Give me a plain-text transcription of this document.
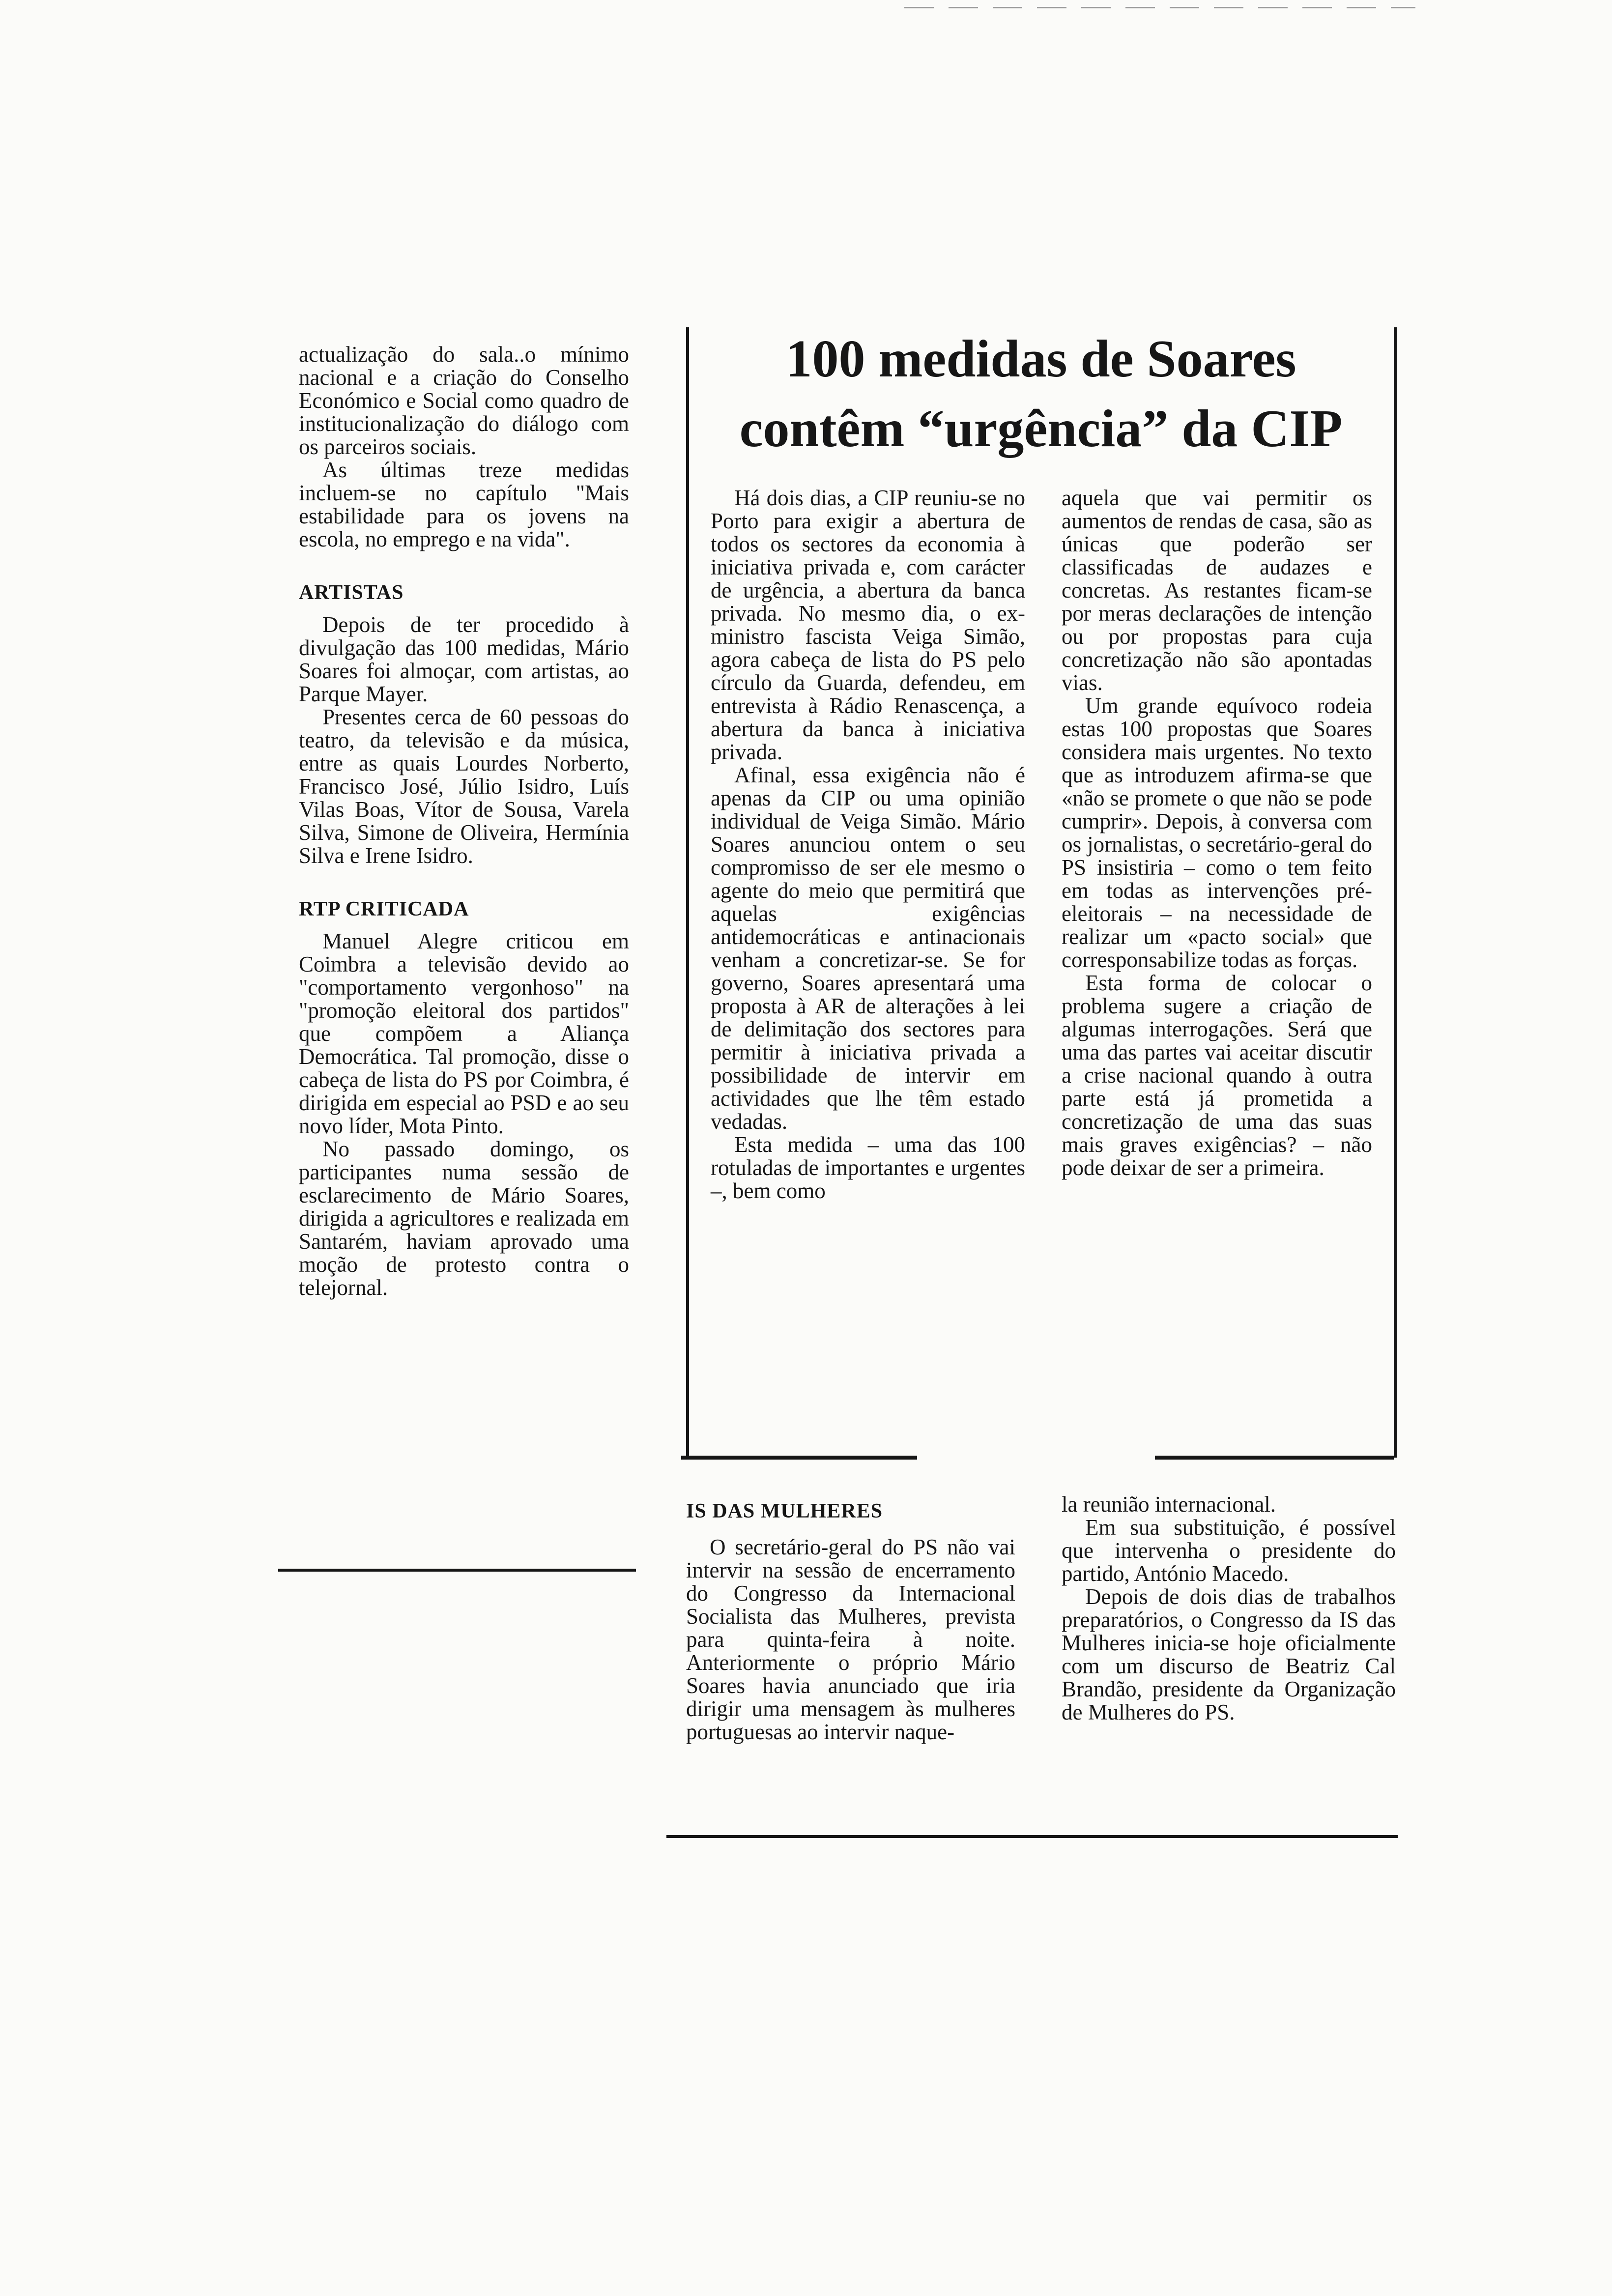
actualização do sala..o mínimo nacional e a criação do Conselho Económico e Social como quadro de institucionalização do diálogo com os parceiros sociais.

As últimas treze medidas incluem-se no capítulo "Mais estabilidade para os jovens na escola, no emprego e na vida".

ARTISTAS

Depois de ter procedido à divulgação das 100 medidas, Mário Soares foi almoçar, com artistas, ao Parque Mayer.

Presentes cerca de 60 pessoas do teatro, da televisão e da música, entre as quais Lourdes Norberto, Francisco José, Júlio Isidro, Luís Vilas Boas, Vítor de Sousa, Varela Silva, Simone de Oliveira, Hermínia Silva e Irene Isidro.

RTP CRITICADA

Manuel Alegre criticou em Coimbra a televisão devido ao "comportamento vergonhoso" na "promoção eleitoral dos partidos" que compõem a Aliança Democrática. Tal promoção, disse o cabeça de lista do PS por Coimbra, é dirigida em especial ao PSD e ao seu novo líder, Mota Pinto.

No passado domingo, os participantes numa sessão de esclarecimento de Mário Soares, dirigida a agricultores e realizada em Santarém, haviam aprovado uma moção de protesto contra o telejornal.

100 medidas de Soares
contêm “urgência” da CIP

Há dois dias, a CIP reuniu-se no Porto para exigir a abertura de todos os sectores da economia à iniciativa privada e, com carácter de urgência, a abertura da banca privada. No mesmo dia, o ex-ministro fascista Veiga Simão, agora cabeça de lista do PS pelo círculo da Guarda, defendeu, em entrevista à Rádio Renascença, a abertura da banca à iniciativa privada.

Afinal, essa exigência não é apenas da CIP ou uma opinião individual de Veiga Simão. Mário Soares anunciou ontem o seu compromisso de ser ele mesmo o agente do meio que permitirá que aquelas exigências antidemocráticas e antinacionais venham a concretizar-se. Se for governo, Soares apresentará uma proposta à AR de alterações à lei de delimitação dos sectores para permitir à iniciativa privada a possibilidade de intervir em actividades que lhe têm estado vedadas.

Esta medida – uma das 100 rotuladas de importantes e urgentes –, bem como

aquela que vai permitir os aumentos de rendas de casa, são as únicas que poderão ser classificadas de audazes e concretas. As restantes ficam-se por meras declarações de intenção ou por propostas para cuja concretização não são apontadas vias.

Um grande equívoco rodeia estas 100 propostas que Soares considera mais urgentes. No texto que as introduzem afirma-se que «não se promete o que não se pode cumprir». Depois, à conversa com os jornalistas, o secretário-geral do PS insistiria – como o tem feito em todas as intervenções pré-eleitorais – na necessidade de realizar um «pacto social» que corresponsabilize todas as forças.

Esta forma de colocar o problema sugere a criação de algumas interrogações. Será que uma das partes vai aceitar discutir a crise nacional quando à outra parte está já prometida a concretização de uma das suas mais graves exigências? – não pode deixar de ser a primeira.

IS DAS MULHERES

O secretário-geral do PS não vai intervir na sessão de encerramento do Congresso da Internacional Socialista das Mulheres, prevista para quinta-feira à noite. Anteriormente o próprio Mário Soares havia anunciado que iria dirigir uma mensagem às mulheres portuguesas ao intervir naque-

la reunião internacional.

Em sua substituição, é possível que intervenha o presidente do partido, António Macedo.

Depois de dois dias de trabalhos preparatórios, o Congresso da IS das Mulheres inicia-se hoje oficialmente com um discurso de Beatriz Cal Brandão, presidente da Organização de Mulheres do PS.
